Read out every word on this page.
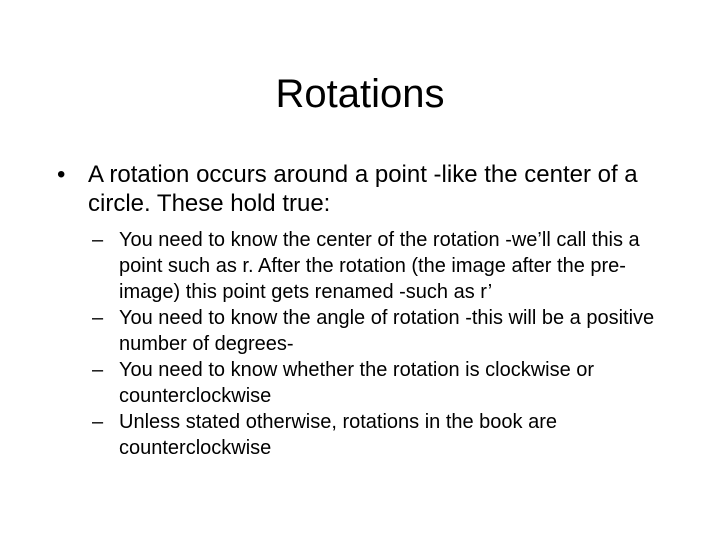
Rotations
• A rotation occurs around a point -like the center of a circle. These hold true:
– You need to know the center of the rotation -we’ll call this a point such as r. After the rotation (the image after the pre-image) this point gets renamed -such as r’
– You need to know the angle of rotation -this will be a positive number of degrees-
– You need to know whether the rotation is clockwise or counterclockwise
– Unless stated otherwise, rotations in the book are counterclockwise
